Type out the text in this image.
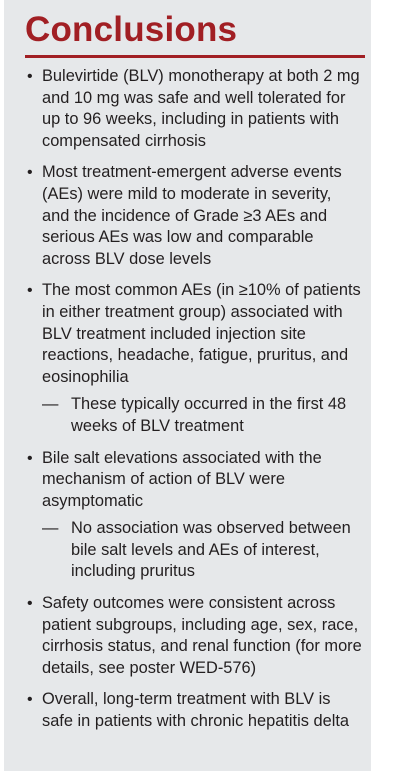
Conclusions
• Bulevirtide (BLV) monotherapy at both 2 mg and 10 mg was safe and well tolerated for up to 96 weeks, including in patients with compensated cirrhosis
• Most treatment-emergent adverse events (AEs) were mild to moderate in severity, and the incidence of Grade ≥3 AEs and serious AEs was low and comparable across BLV dose levels
• The most common AEs (in ≥10% of patients in either treatment group) associated with BLV treatment included injection site reactions, headache, fatigue, pruritus, and eosinophilia
— These typically occurred in the first 48 weeks of BLV treatment
• Bile salt elevations associated with the mechanism of action of BLV were asymptomatic
— No association was observed between bile salt levels and AEs of interest, including pruritus
• Safety outcomes were consistent across patient subgroups, including age, sex, race, cirrhosis status, and renal function (for more details, see poster WED-576)
• Overall, long-term treatment with BLV is safe in patients with chronic hepatitis delta
